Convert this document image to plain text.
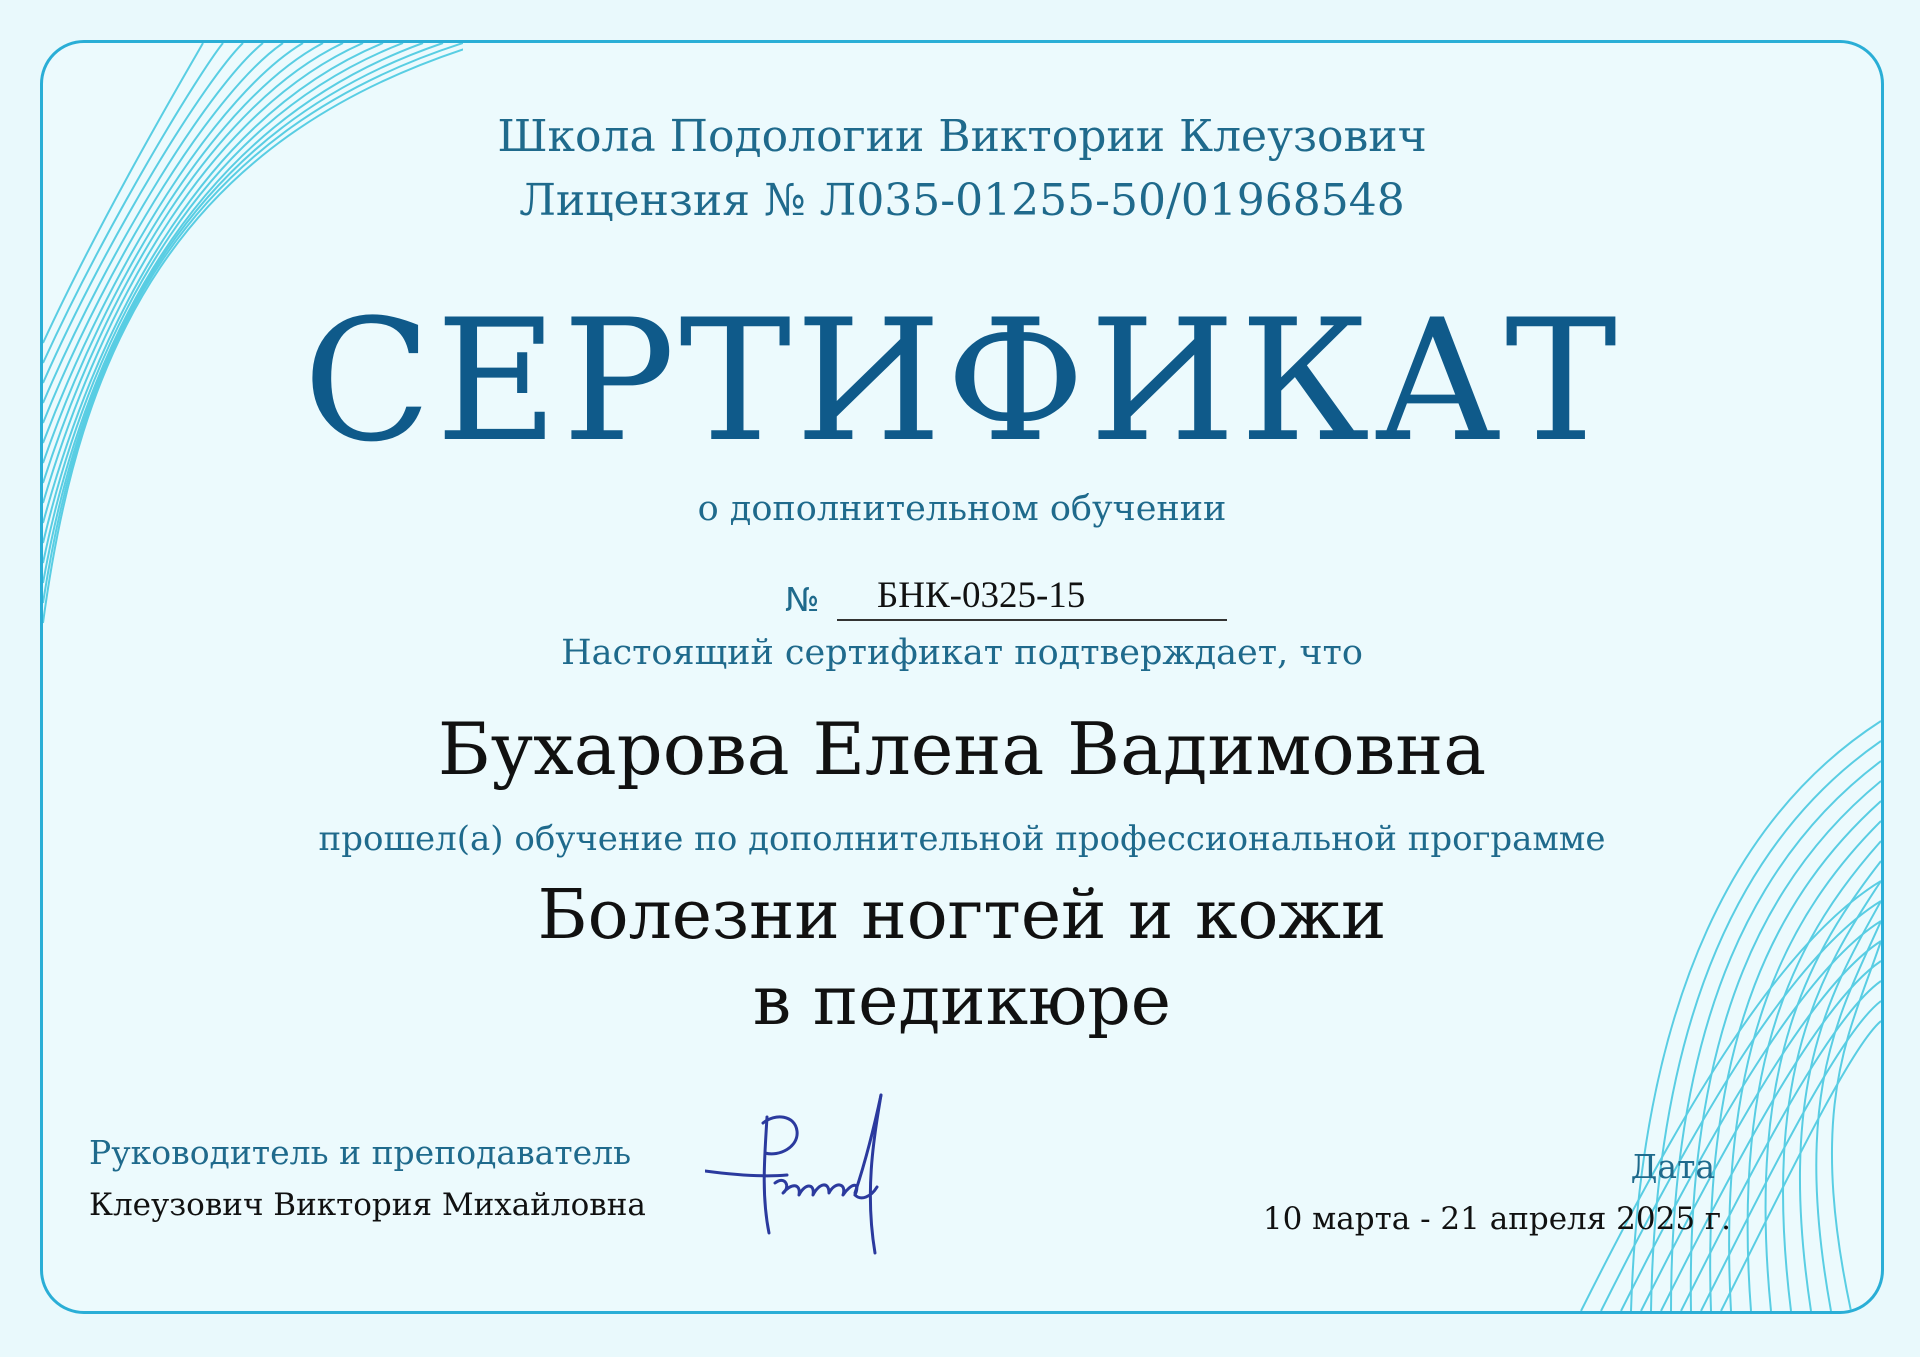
Школа Подологии Виктории Клеузович
Лицензия № Л035-01255-50/01968548
СЕРТИФИКАТ
о дополнительном обучении
№ БНК-0325-15
Настоящий сертификат подтверждает, что
Бухарова Елена Вадимовна
прошел(а) обучение по дополнительной профессиональной программе
Болезни ногтей и кожи
в педикюре
Руководитель и преподаватель
Клеузович Виктория Михайловна
Дата
10 марта - 21 апреля 2025 г.
